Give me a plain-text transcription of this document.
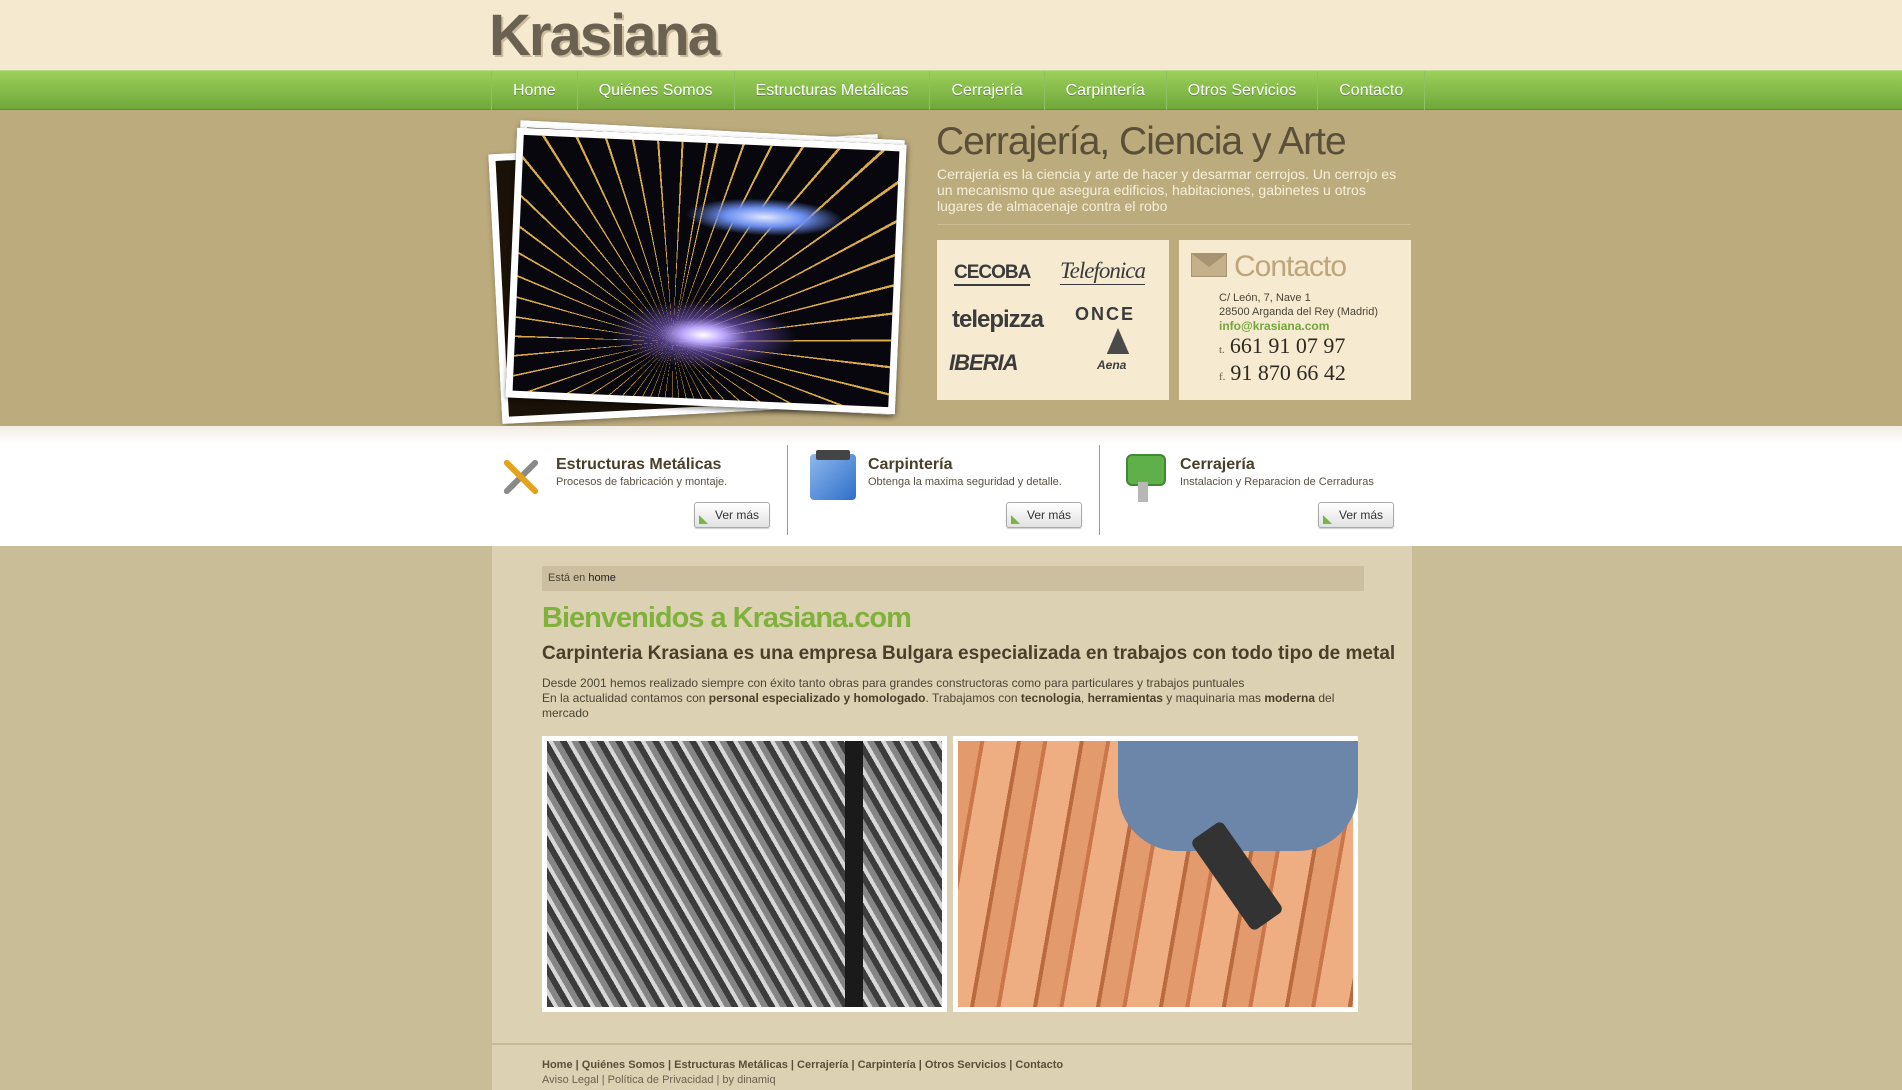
Krasiana
Home	Quiénes Somos	Estructuras Metálicas	Cerrajería	Carpintería	Otros Servicios	Contacto
Cerrajería, Ciencia y Arte
Cerrajería es la ciencia y arte de hacer y desarmar cerrojos. Un cerrojo es un mecanismo que asegura edificios, habitaciones, gabinetes u otros lugares de almacenaje contra el robo
CECOBA Telefonica
telepizza ONCE
IBERIA	Aena
Contacto
C/ León, 7, Nave 1
28500 Arganda del Rey (Madrid)
info@krasiana.com
t. 661 91 07 97
f. 91 870 66 42
Estructuras Metálicas
Procesos de fabricación y montaje.
Ver más
Carpintería
Obtenga la maxima seguridad y detalle.
Ver más
Cerrajería
Instalacion y Reparacion de Cerraduras
Ver más
Está en home
Bienvenidos a Krasiana.com
Carpinteria Krasiana es una empresa Bulgara especializada en trabajos con todo tipo de metal
Desde 2001 hemos realizado siempre con éxito tanto obras para grandes constructoras como para particulares y trabajos puntuales
En la actualidad contamos con personal especializado y homologado. Trabajamos con tecnologia, herramientas y maquinaria mas moderna del mercado
Home | Quiénes Somos | Estructuras Metálicas | Cerrajería | Carpintería | Otros Servicios | Contacto
Aviso Legal | Política de Privacidad | by dinamiq
